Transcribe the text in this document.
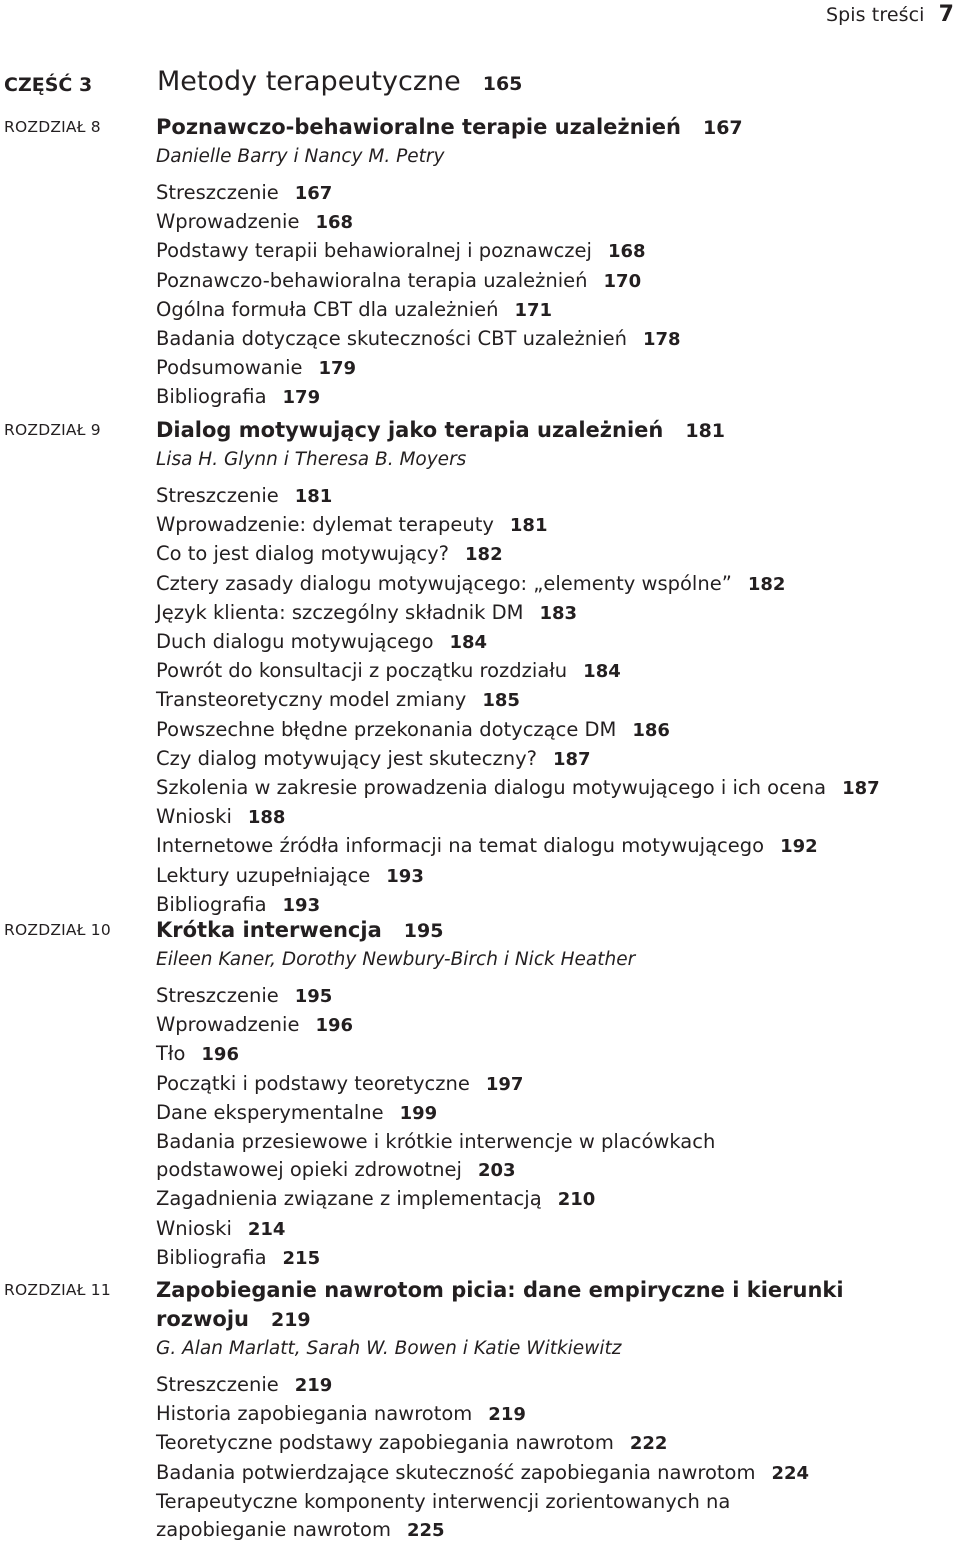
Spis treści 7
CZĘŚĆ 3 Metody terapeutyczne 165
ROZDZIAŁ 8	Poznawczo-behawioralne terapie uzależnień 167
Danielle Barry i Nancy M. Petry
Streszczenie 167
Wprowadzenie 168
Podstawy terapii behawioralnej i poznawczej 168
Poznawczo-behawioralna terapia uzależnień 170
Ogólna formuła CBT dla uzależnień 171
Badania dotyczące skuteczności CBT uzależnień 178
Podsumowanie 179
Bibliografia 179
ROZDZIAŁ 9	Dialog motywujący jako terapia uzależnień 181
Lisa H. Glynn i Theresa B. Moyers
Streszczenie 181
Wprowadzenie: dylemat terapeuty 181
Co to jest dialog motywujący? 182
Cztery zasady dialogu motywującego: „elementy wspólne” 182
Język klienta: szczególny składnik DM 183
Duch dialogu motywującego 184
Powrót do konsultacji z początku rozdziału 184
Transteoretyczny model zmiany 185
Powszechne błędne przekonania dotyczące DM 186
Czy dialog motywujący jest skuteczny? 187
Szkolenia w zakresie prowadzenia dialogu motywującego i ich ocena 187
Wnioski 188
Internetowe źródła informacji na temat dialogu motywującego 192
Lektury uzupełniające 193
Bibliografia 193
ROZDZIAŁ 10 Krótka interwencja 195
Eileen Kaner, Dorothy Newbury-Birch i Nick Heather
Streszczenie 195
Wprowadzenie 196
Tło 196
Początki i podstawy teoretyczne 197
Dane eksperymentalne 199
Badania przesiewowe i krótkie interwencje w placówkach podstawowej opieki zdrowotnej 203
Zagadnienia związane z implementacją 210
Wnioski 214
Bibliografia 215
ROZDZIAŁ 11 Zapobieganie nawrotom picia: dane empiryczne i kierunki rozwoju 219
G. Alan Marlatt, Sarah W. Bowen i Katie Witkiewitz
Streszczenie 219
Historia zapobiegania nawrotom 219
Teoretyczne podstawy zapobiegania nawrotom 222
Badania potwierdzające skuteczność zapobiegania nawrotom 224
Terapeutyczne komponenty interwencji zorientowanych na zapobieganie nawrotom 225
